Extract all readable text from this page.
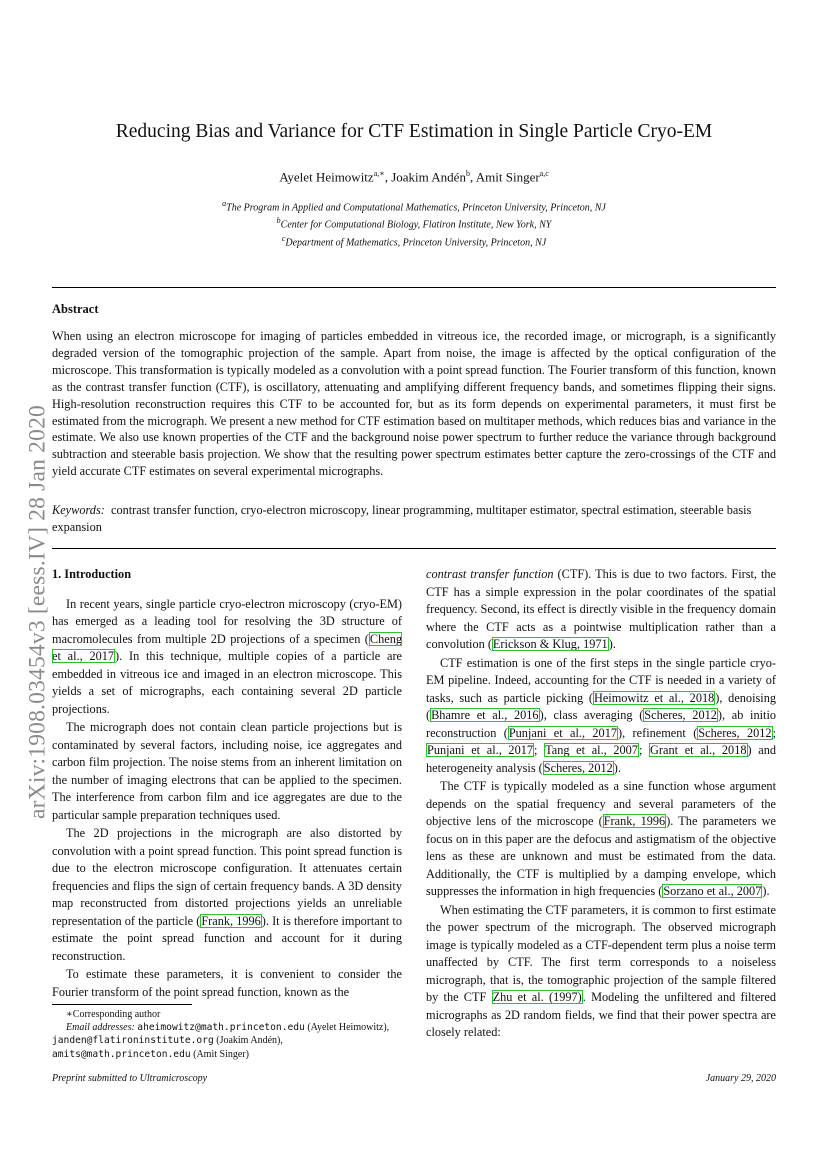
arXiv:1908.03454v3 [eess.IV] 28 Jan 2020
Reducing Bias and Variance for CTF Estimation in Single Particle Cryo-EM
Ayelet Heimowitz$^{a,∗}$, Joakim Andén$^b$, Amit Singer$^{a,c}$
$^a$The Program in Applied and Computational Mathematics, Princeton University, Princeton, NJ
$^b$Center for Computational Biology, Flatiron Institute, New York, NY
$^c$Department of Mathematics, Princeton University, Princeton, NJ
Abstract
When using an electron microscope for imaging of particles embedded in vitreous ice, the recorded image, or micrograph, is a significantly degraded version of the tomographic projection of the sample. Apart from noise, the image is affected by the optical configuration of the microscope. This transformation is typically modeled as a convolution with a point spread function. The Fourier transform of this function, known as the contrast transfer function (CTF), is oscillatory, attenuating and amplifying different frequency bands, and sometimes flipping their signs. High-resolution reconstruction requires this CTF to be accounted for, but as its form depends on experimental parameters, it must first be estimated from the micrograph. We present a new method for CTF estimation based on multitaper methods, which reduces bias and variance in the estimate. We also use known properties of the CTF and the background noise power spectrum to further reduce the variance through background subtraction and steerable basis projection. We show that the resulting power spectrum estimates better capture the zero-crossings of the CTF and yield accurate CTF estimates on several experimental micrographs.
Keywords: contrast transfer function, cryo-electron microscopy, linear programming, multitaper estimator, spectral estimation, steerable basis expansion
1. Introduction

In recent years, single particle cryo-electron microscopy (cryo-EM) has emerged as a leading tool for resolving the 3D structure of macromolecules from multiple 2D projections of a specimen (Cheng et al., 2017). In this technique, multiple copies of a particle are embedded in vitreous ice and imaged in an electron microscope. This yields a set of micrographs, each containing several 2D particle projections.

The micrograph does not contain clean particle projections but is contaminated by several factors, including noise, ice aggregates and carbon film projection. The noise stems from an inherent limitation on the number of imaging electrons that can be applied to the specimen. The interference from carbon film and ice aggregates are due to the particular sample preparation techniques used.

The 2D projections in the micrograph are also distorted by convolution with a point spread function. This point spread function is due to the electron microscope configuration. It attenuates certain frequencies and flips the sign of certain frequency bands. A 3D density map reconstructed from distorted projections yields an unreliable representation of the particle (Frank, 1996). It is therefore important to estimate the point spread function and account for it during reconstruction.

To estimate these parameters, it is convenient to consider the Fourier transform of the point spread function, known as the

contrast transfer function (CTF). This is due to two factors. First, the CTF has a simple expression in the polar coordinates of the spatial frequency. Second, its effect is directly visible in the frequency domain where the CTF acts as a pointwise multiplication rather than a convolution (Erickson & Klug, 1971).

CTF estimation is one of the first steps in the single particle cryo-EM pipeline. Indeed, accounting for the CTF is needed in a variety of tasks, such as particle picking (Heimowitz et al., 2018), denoising (Bhamre et al., 2016), class averaging (Scheres, 2012), ab initio reconstruction (Punjani et al., 2017), refinement (Scheres, 2012; Punjani et al., 2017; Tang et al., 2007; Grant et al., 2018) and heterogeneity analysis (Scheres, 2012).

The CTF is typically modeled as a sine function whose argument depends on the spatial frequency and several parameters of the objective lens of the microscope (Frank, 1996). The parameters we focus on in this paper are the defocus and astigmatism of the objective lens as these are unknown and must be estimated from the data. Additionally, the CTF is multiplied by a damping envelope, which suppresses the information in high frequencies (Sorzano et al., 2007).

When estimating the CTF parameters, it is common to first estimate the power spectrum of the micrograph. The observed micrograph image is typically modeled as a CTF-dependent term plus a noise term unaffected by CTF. The first term corresponds to a noiseless micrograph, that is, the tomographic projection of the sample filtered by the CTF Zhu et al. (1997). Modeling the unfiltered and filtered micrographs as 2D random fields, we find that their power spectra are closely related:

∗Corresponding author

Email addresses: aheimowitz@math.princeton.edu (Ayelet Heimowitz), janden@flatironinstitute.org (Joakim Andén), amits@math.princeton.edu (Amit Singer)

Preprint submitted to Ultramicroscopy	January 29, 2020
